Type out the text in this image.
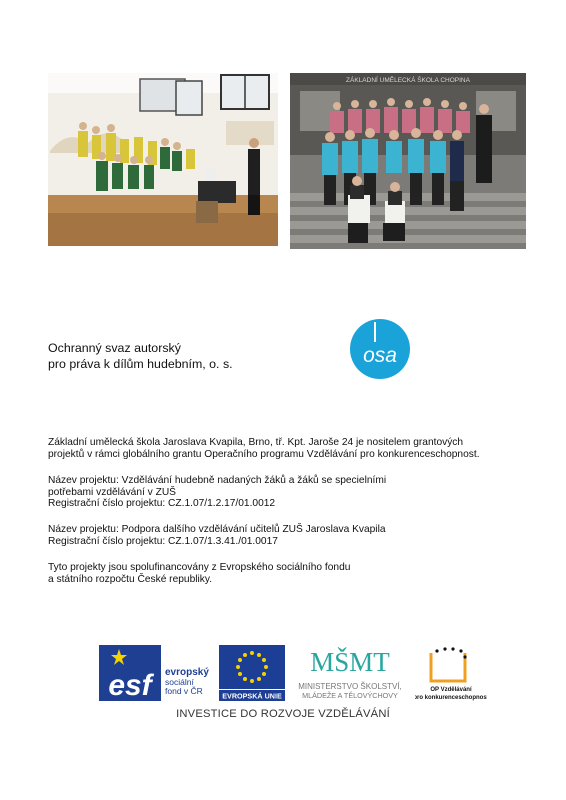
ZÁKLADNÍ UMĚLECKÁ ŠKOLA CHOPINA
Ochranný svaz autorský
pro práva k dílům hudebním, o. s.	osa
Základní umělecká škola Jaroslava Kvapila, Brno, tř. Kpt. Jaroše 24 je nositelem grantových
projektů v rámci globálního grantu Operačního programu Vzdělávání pro konkurenceschopnost.
Název projektu: Vzdělávání hudebně nadaných žáků a žáků se specielními
potřebami vzdělávání v ZUŠ
Registrační číslo projektu: CZ.1.07/1.2.17/01.0012
Název projektu: Podpora dalšího vzdělávání učitelů ZUŠ Jaroslava Kvapila
Registrační číslo projektu: CZ.1.07/1.3.41./01.0017
Tyto projekty jsou spolufinancovány z Evropského sociálního fondu
a státního rozpočtu České republiky.
esf	evropský
sociální
fond v ČR	EVROPSKÁ UNIE
MŠMT
MINISTERSTVO ŠKOLSTVÍ,
MLÁDEŽE A TĚLOVÝCHOVY
OP Vzdělávání
pro konkurenceschopnost
INVESTICE DO ROZVOJE VZDĚLÁVÁNÍ
